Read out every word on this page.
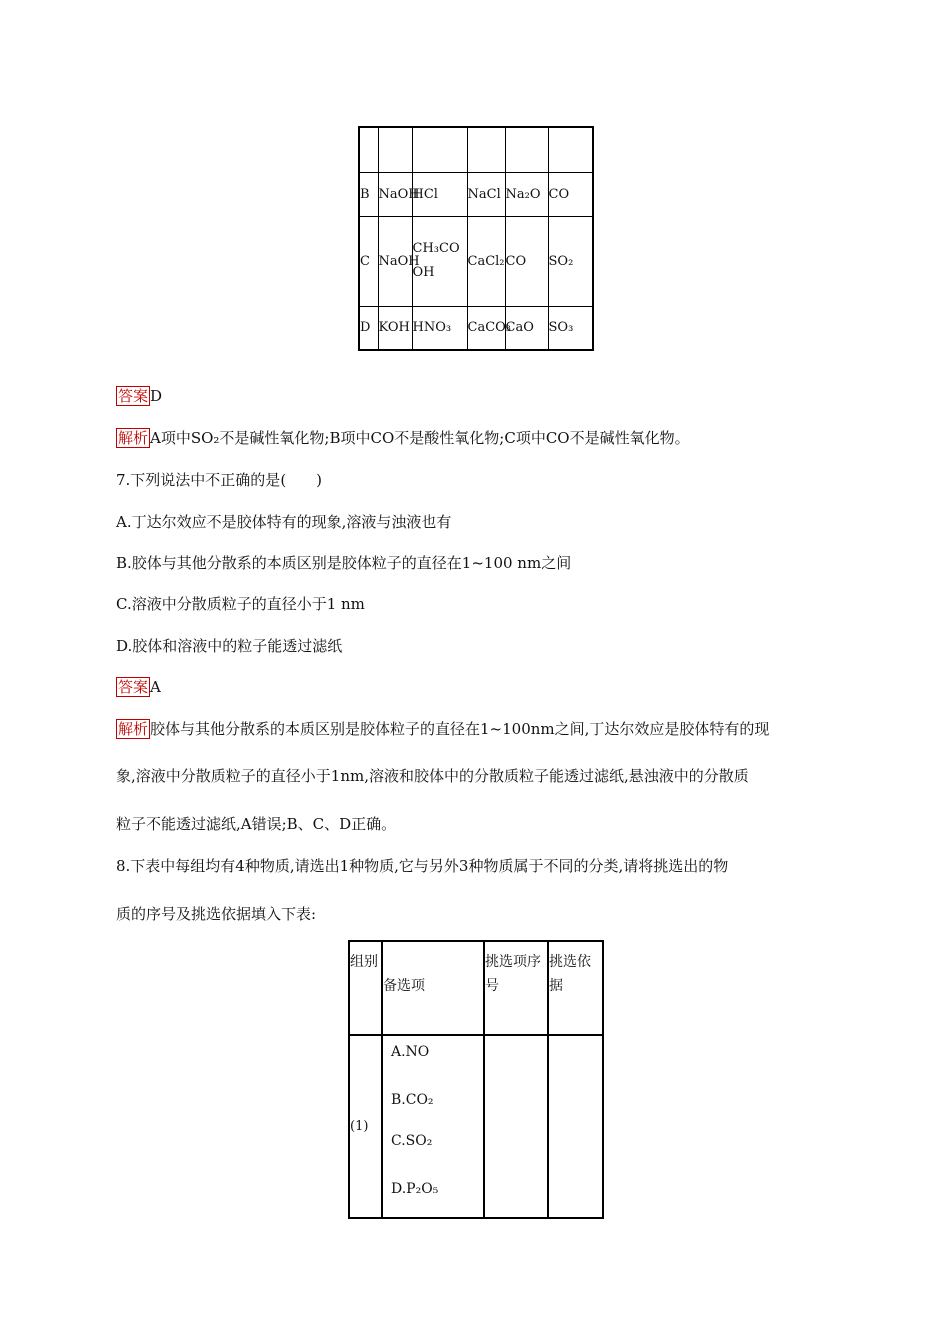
B	NaOH	HCl	NaCl	Na₂O	CO
C	NaOH	CH₃COOH	CaCl₂	CO	SO₂
D	KOH	HNO₃	CaCO₃	CaO	SO₃
答案 D
解析 A项中SO₂不是碱性氧化物;B项中CO不是酸性氧化物;C项中CO不是碱性氧化物。
7.下列说法中不正确的是(　　)
A.丁达尔效应不是胶体特有的现象,溶液与浊液也有
B.胶体与其他分散系的本质区别是胶体粒子的直径在1~100 nm之间
C.溶液中分散质粒子的直径小于1 nm
D.胶体和溶液中的粒子能透过滤纸
答案 A
解析 胶体与其他分散系的本质区别是胶体粒子的直径在1~100nm之间,丁达尔效应是胶体特有的现
象,溶液中分散质粒子的直径小于1nm,溶液和胶体中的分散质粒子能透过滤纸,悬浊液中的分散质
粒子不能透过滤纸,A错误;B、C、D正确。
8.下表中每组均有4种物质,请选出1种物质,它与另外3种物质属于不同的分类,请将挑选出的物
质的序号及挑选依据填入下表:
组别	备选项	挑选项序号	挑选依据
(1)	A.NO
B.CO₂
C.SO₂
D.P₂O₅		
